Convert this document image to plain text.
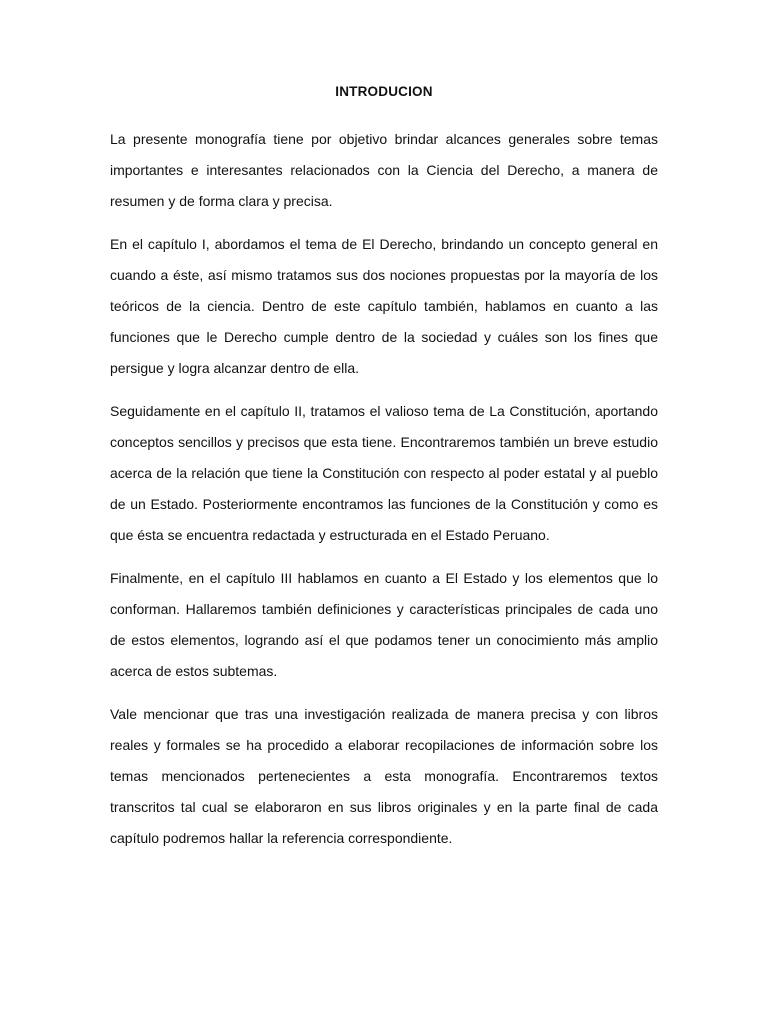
INTRODUCION

La presente monografía tiene por objetivo brindar alcances generales sobre temas importantes e interesantes relacionados con la Ciencia del Derecho, a manera de resumen y de forma clara y precisa.

En el capítulo I, abordamos el tema de El Derecho, brindando un concepto general en cuando a éste, así mismo tratamos sus dos nociones propuestas por la mayoría de los teóricos de la ciencia. Dentro de este capítulo también, hablamos en cuanto a las funciones que le Derecho cumple dentro de la sociedad y cuáles son los fines que persigue y logra alcanzar dentro de ella.

Seguidamente en el capítulo II, tratamos el valioso tema de La Constitución, aportando conceptos sencillos y precisos que esta tiene. Encontraremos también un breve estudio acerca de la relación que tiene la Constitución con respecto al poder estatal y al pueblo de un Estado. Posteriormente encontramos las funciones de la Constitución y como es que ésta se encuentra redactada y estructurada en el Estado Peruano.

Finalmente, en el capítulo III hablamos en cuanto a El Estado y los elementos que lo conforman. Hallaremos también definiciones y características principales de cada uno de estos elementos, logrando así el que podamos tener un conocimiento más amplio acerca de estos subtemas.

Vale mencionar que tras una investigación realizada de manera precisa y con libros reales y formales se ha procedido a elaborar recopilaciones de información sobre los temas mencionados pertenecientes a esta monografía. Encontraremos textos transcritos tal cual se elaboraron en sus libros originales y en la parte final de cada capítulo podremos hallar la referencia correspondiente.
